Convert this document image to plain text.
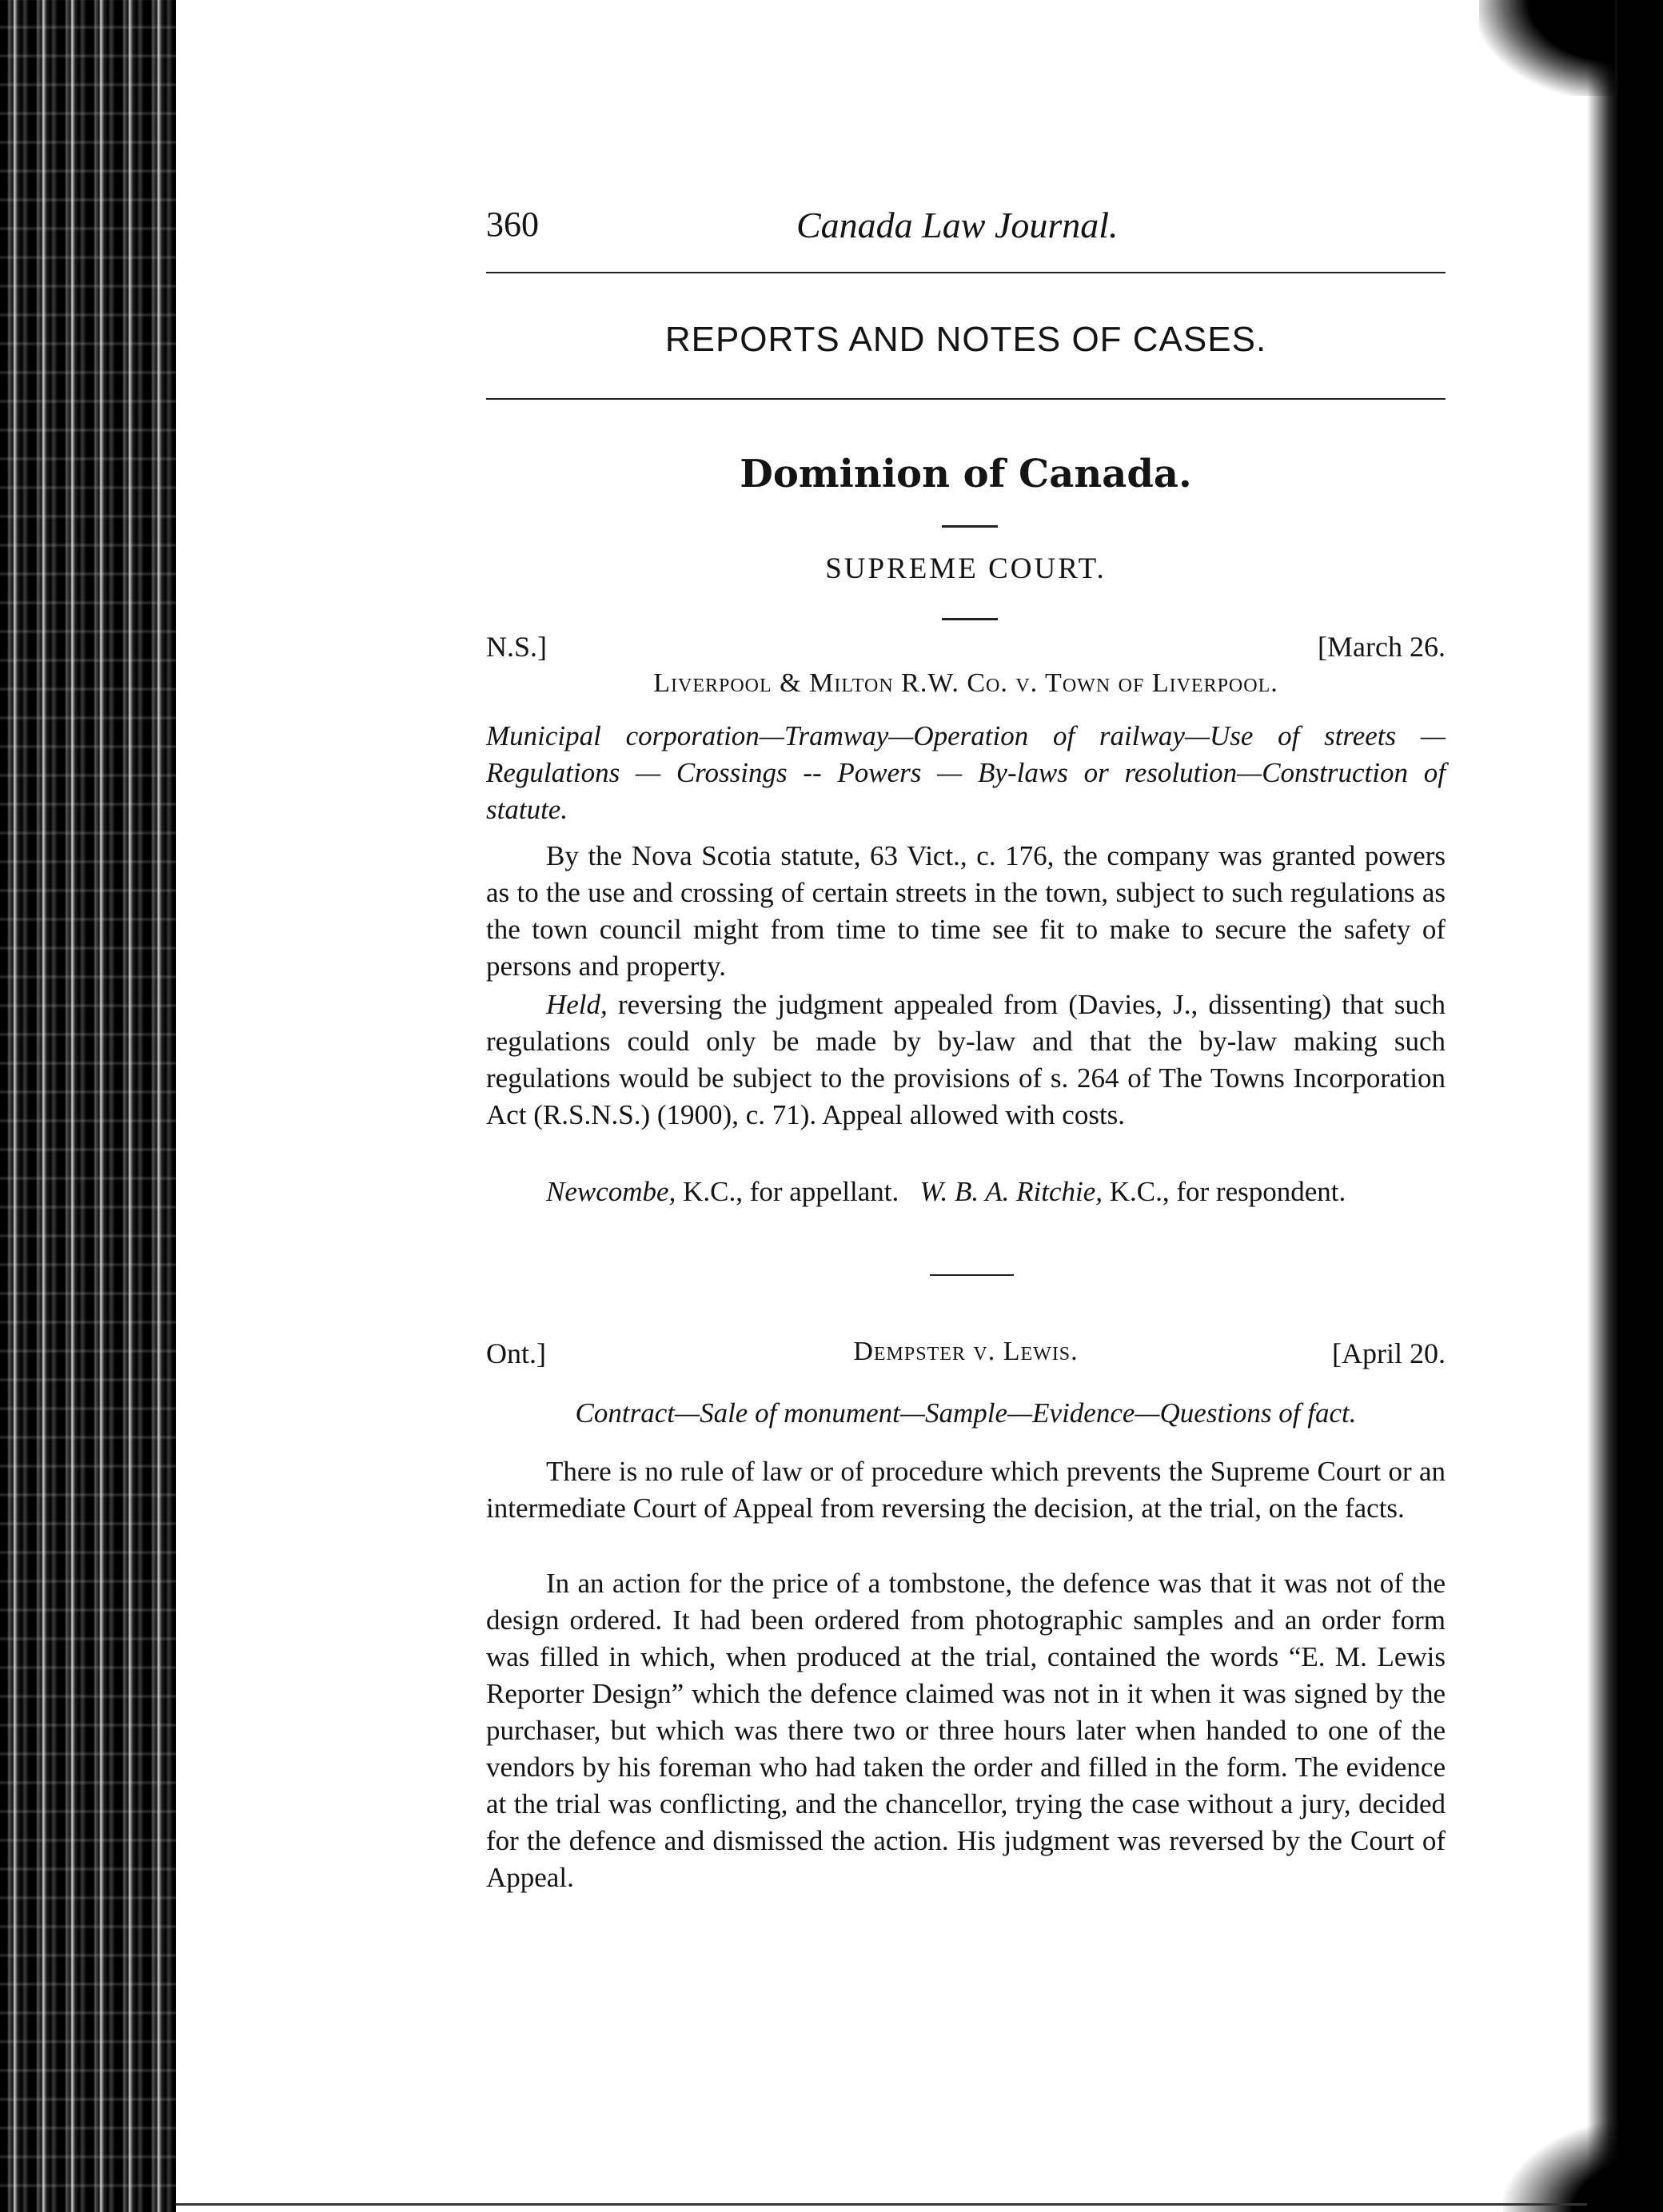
360	Canada Law Journal.
REPORTS AND NOTES OF CASES.
Dominion of Canada.
SUPREME COURT.
N.S.]	[March 26.
Liverpool & Milton R.W. Co. v. Town of Liverpool.
Municipal corporation—Tramway—Operation of railway—Use of streets —Regulations — Crossings -- Powers — By-laws or resolution—Construction of statute.

By the Nova Scotia statute, 63 Vict., c. 176, the company was granted powers as to the use and crossing of certain streets in the town, subject to such regulations as the town council might from time to time see fit to make to secure the safety of persons and property.

Held, reversing the judgment appealed from (Davies, J., dissenting) that such regulations could only be made by by-law and that the by-law making such regulations would be subject to the provisions of s. 264 of The Towns Incorporation Act (R.S.N.S.) (1900), c. 71). Appeal allowed with costs.

Newcombe, K.C., for appellant. W. B. A. Ritchie, K.C., for respondent.

Ont.]	[April 20.
Dempster v. Lewis.
Contract—Sale of monument—Sample—Evidence—Questions of fact.

There is no rule of law or of procedure which prevents the Supreme Court or an intermediate Court of Appeal from reversing the decision, at the trial, on the facts.

In an action for the price of a tombstone, the defence was that it was not of the design ordered. It had been ordered from photographic samples and an order form was filled in which, when produced at the trial, contained the words “E. M. Lewis Reporter Design” which the defence claimed was not in it when it was signed by the purchaser, but which was there two or three hours later when handed to one of the vendors by his foreman who had taken the order and filled in the form. The evidence at the trial was conflicting, and the chancellor, trying the case without a jury, decided for the defence and dismissed the action. His judgment was reversed by the Court of Appeal.
